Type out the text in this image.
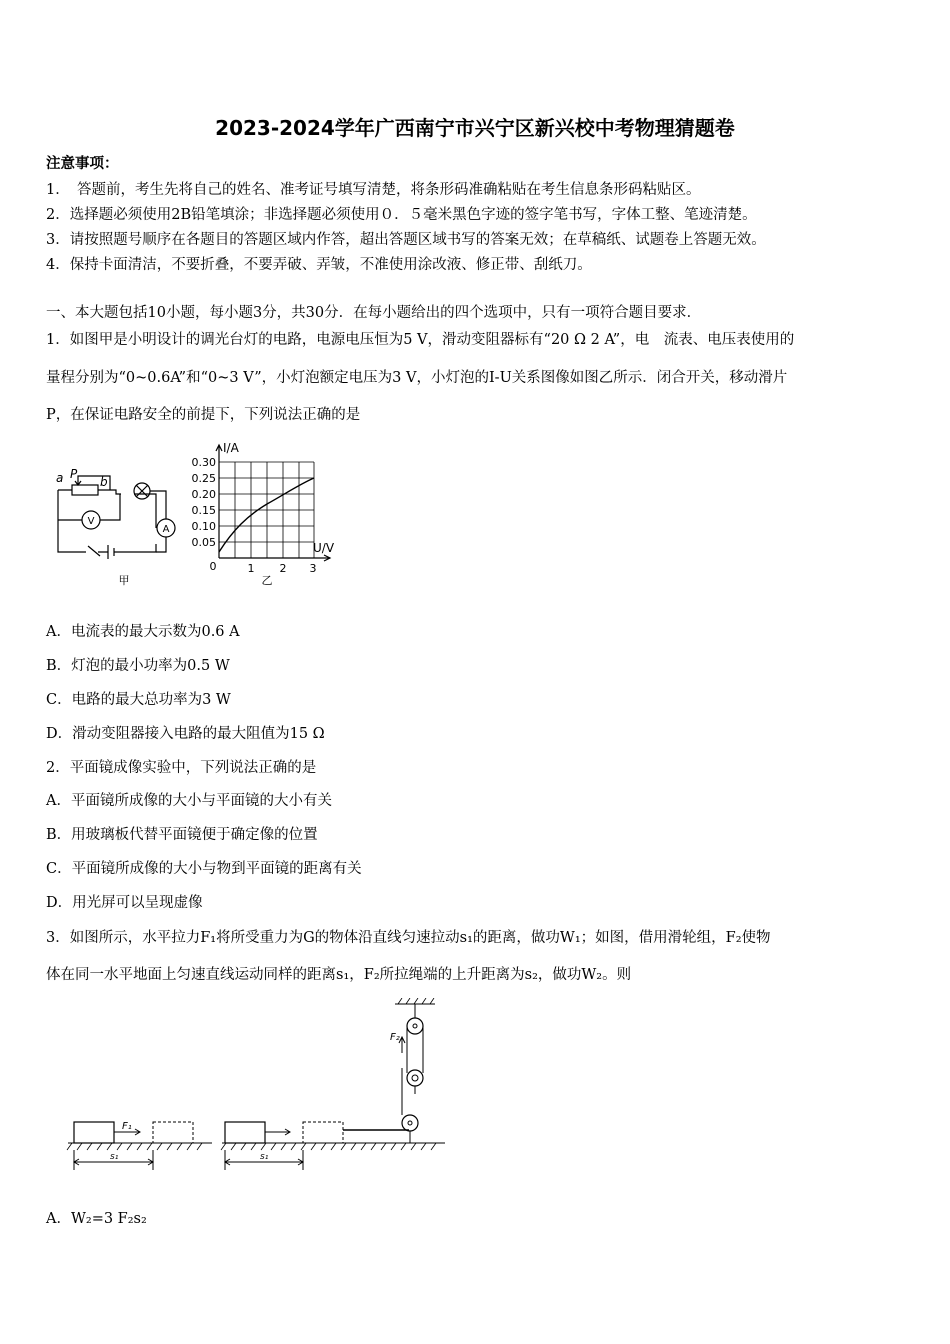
2023-2024学年广西南宁市兴宁区新兴校中考物理猜题卷
注意事项：
1．　答题前，考生先将自己的姓名、准考证号填写清楚，将条形码准确粘贴在考生信息条形码粘贴区。
2．选择题必须使用2B铅笔填涂；非选择题必须使用０．５毫米黑色字迹的签字笔书写，字体工整、笔迹清楚。
3．请按照题号顺序在各题目的答题区域内作答，超出答题区域书写的答案无效；在草稿纸、试题卷上答题无效。
4．保持卡面清洁，不要折叠，不要弄破、弄皱，不准使用涂改液、修正带、刮纸刀。
一、本大题包括10小题，每小题3分，共30分．在每小题给出的四个选项中，只有一项符合题目要求．
1．如图甲是小明设计的调光台灯的电路，电源电压恒为5 V，滑动变阻器标有“20 Ω 2 A”，电　流表、电压表使用的
量程分别为“0~0.6A”和“0~3 V”，小灯泡额定电压为3 V，小灯泡的I-U关系图像如图乙所示．闭合开关，移动滑片
P，在保证电路安全的前提下，下列说法正确的是
a P
b
V
A
甲
I/A
U/V
0.30
0.25
0.20
0.15
0.10
0.05
0	1 2 3
乙
A．电流表的最大示数为0.6 A
B．灯泡的最小功率为0.5 W
C．电路的最大总功率为3 W
D．滑动变阻器接入电路的最大阻值为15 Ω
2．平面镜成像实验中，下列说法正确的是
A．平面镜所成像的大小与平面镜的大小有关
B．用玻璃板代替平面镜便于确定像的位置
C．平面镜所成像的大小与物到平面镜的距离有关
D．用光屏可以呈现虚像
3．如图所示，水平拉力F₁将所受重力为G的物体沿直线匀速拉动s₁的距离，做功W₁；如图，借用滑轮组，F₂使物
体在同一水平地面上匀速直线运动同样的距离s₁，F₂所拉绳端的上升距离为s₂，做功W₂。则
F₁
F₂
s₁	s₁
A．W₂=3 F₂s₂
